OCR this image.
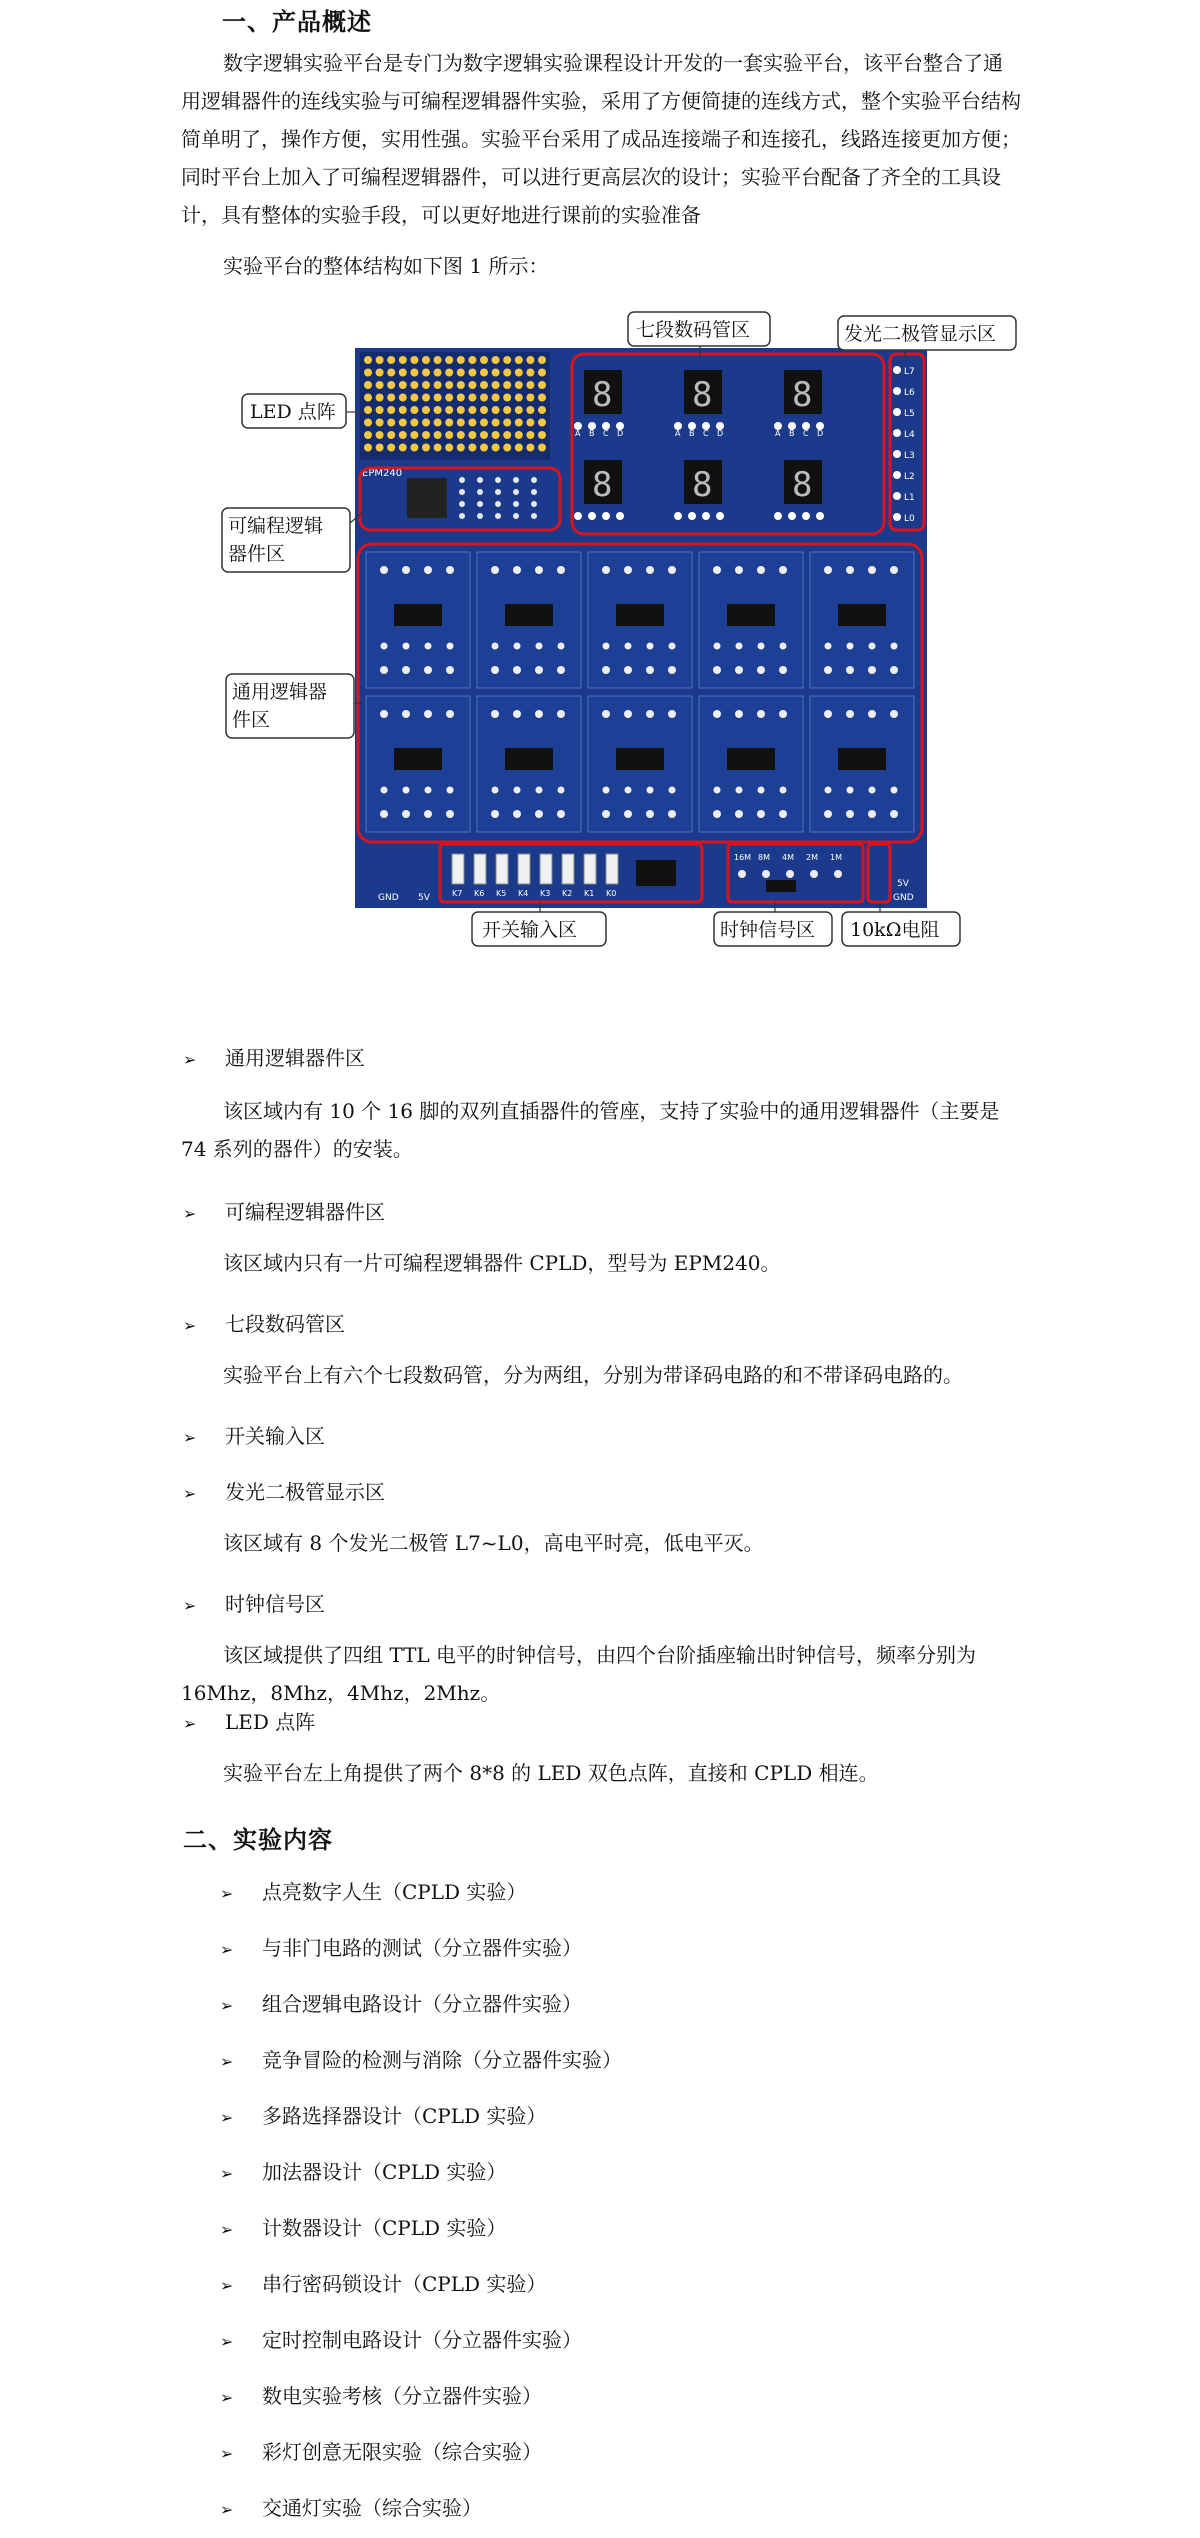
一、产品概述

数字逻辑实验平台是专门为数字逻辑实验课程设计开发的一套实验平台，该平台整合了通用逻辑器件的连线实验与可编程逻辑器件实验，采用了方便简捷的连线方式，整个实验平台结构简单明了，操作方便，实用性强。实验平台采用了成品连接端子和连接孔，线路连接更加方便；同时平台上加入了可编程逻辑器件，可以进行更高层次的设计；实验平台配备了齐全的工具设计，具有整体的实验手段，可以更好地进行课前的实验准备

实验平台的整体结构如下图 1 所示：
EPM240
8 8 8
8 8 8
A B C D	A B C D	A B C D
L7
L6
L5
L4
L3
L2
L1
L0
K7 K6 K5 K4 K3 K2 K1 K0
16M 8M 4M 2M 1M
GND 5V
5V
GND
七段数码管区	发光二极管显示区
LED 点阵
可编程逻辑
器件区
通用逻辑器
件区
开关输入区	时钟信号区 10kΩ电阻
➢ 通用逻辑器件区

该区域内有 10 个 16 脚的双列直插器件的管座，支持了实验中的通用逻辑器件（主要是 74 系列的器件）的安装。

➢ 可编程逻辑器件区

该区域内只有一片可编程逻辑器件 CPLD，型号为 EPM240。

➢ 七段数码管区

实验平台上有六个七段数码管，分为两组，分别为带译码电路的和不带译码电路的。

➢ 开关输入区
➢ 发光二极管显示区

该区域有 8 个发光二极管 L7~L0，高电平时亮，低电平灭。

➢ 时钟信号区

该区域提供了四组 TTL 电平的时钟信号，由四个台阶插座输出时钟信号，频率分别为16Mhz，8Mhz，4Mhz，2Mhz。

➢ LED 点阵

实验平台左上角提供了两个 8*8 的 LED 双色点阵，直接和 CPLD 相连。

二、实验内容
➢ 点亮数字人生（CPLD 实验）
➢ 与非门电路的测试（分立器件实验）
➢ 组合逻辑电路设计（分立器件实验）
➢ 竞争冒险的检测与消除（分立器件实验）
➢ 多路选择器设计（CPLD 实验）
➢ 加法器设计（CPLD 实验）
➢ 计数器设计（CPLD 实验）
➢ 串行密码锁设计（CPLD 实验）
➢ 定时控制电路设计（分立器件实验）
➢ 数电实验考核（分立器件实验）
➢ 彩灯创意无限实验（综合实验）
➢ 交通灯实验（综合实验）
